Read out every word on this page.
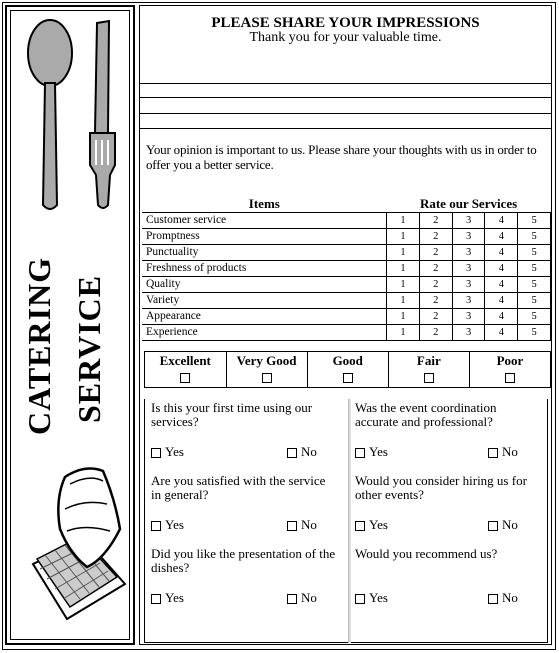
CATERING SERVICE
PLEASE SHARE YOUR IMPRESSIONS
Thank you for your valuable time.
Your opinion is important to us. Please share your thoughts with us in order to offer you a better service.
Items	Rate our Services				
Customer service	1	2	3	4	5
Promptness	1	2	3	4	5
Punctuality	1	2	3	4	5
Freshness of products	1	2	3	4	5
Quality	1	2	3	4	5
Variety	1	2	3	4	5
Appearance	1	2	3	4	5
Experience	1	2	3	4	5
Excellent	Very Good	Good	Fair	Poor
Is this your first time using our services?
Yes	No
Was the event coordination accurate and professional?
Yes	No
Are you satisfied with the service in general?
Yes	No
Would you consider hiring us for other events?
Yes	No
Did you like the presentation of the dishes?
Yes	No
Would you recommend us?
Yes	No
